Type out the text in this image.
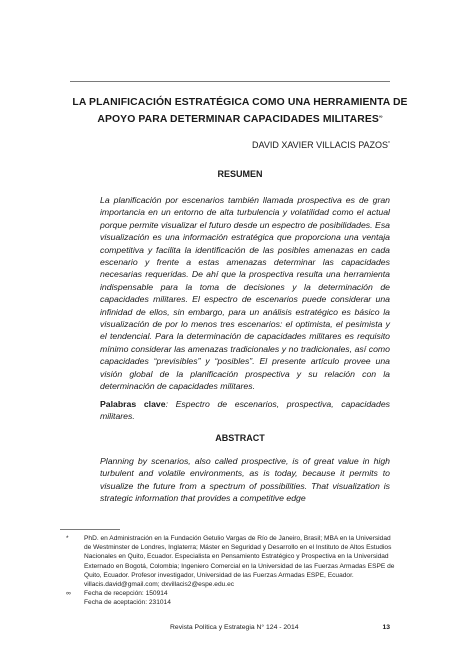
LA PLANIFICACIÓN ESTRATÉGICA COMO UNA HERRAMIENTA DE
APOYO PARA DETERMINAR CAPACIDADES MILITARES∞
DAVID XAVIER VILLACIS PAZOS*
RESUMEN

La planificación por escenarios también llamada prospectiva es de gran importancia en un entorno de alta turbulencia y volatilidad como el actual porque permite visualizar el futuro desde un espectro de posibilidades. Esa visualización es una información estratégica que proporciona una ventaja competitiva y facilita la identificación de las posibles amenazas en cada escenario y frente a estas amenazas determinar las capacidades necesarias requeridas. De ahí que la prospectiva resulta una herramienta indispensable para la toma de decisiones y la determinación de capacidades militares. El espectro de escenarios puede considerar una infinidad de ellos, sin embargo, para un análisis estratégico es básico la visualización de por lo menos tres escenarios: el optimista, el pesimista y el tendencial. Para la determinación de capacidades militares es requisito mínimo considerar las amenazas tradicionales y no tradicionales, así como capacidades “previsibles” y “posibles”. El presente artículo provee una visión global de la planificación prospectiva y su relación con la determinación de capacidades militares.

Palabras clave: Espectro de escenarios, prospectiva, capacidades militares.
ABSTRACT

Planning by scenarios, also called prospective, is of great value in high turbulent and volatile environments, as is today, because it permits to visualize the future from a spectrum of possibilities. That visualization is strategic information that provides a competitive edge

* PhD. en Administración en la Fundación Getulio Vargas de Río de Janeiro, Brasil; MBA en la Universidad de Westminster de Londres, Inglaterra; Máster en Seguridad y Desarrollo en el Instituto de Altos Estudios Nacionales en Quito, Ecuador. Especialista en Pensamiento Estratégico y Prospectiva en la Universidad Externado en Bogotá, Colombia; Ingeniero Comercial en la Universidad de las Fuerzas Armadas ESPE de Quito, Ecuador. Profesor investigador, Universidad de las Fuerzas Armadas ESPE, Ecuador. villacis.david@gmail.com; dxvillacis2@espe.edu.ec
∞ Fecha de recepción: 150914
Fecha de aceptación: 231014
Revista Política y Estrategia N° 124 - 2014	13
